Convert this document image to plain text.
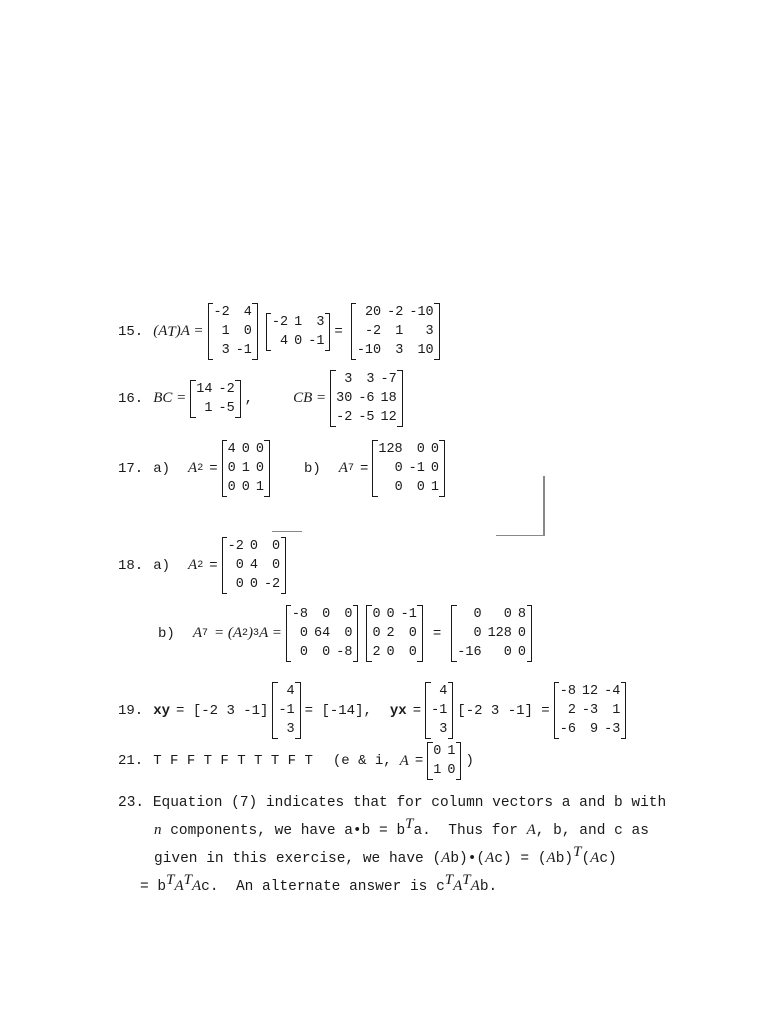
15. (A T )A =
-2	4
1	0
3	-1

-2	1	3
4	0	-1

=
20	-2	-10
-2	1	3
-10	3	10

16. BC =
14	-2
1	-5

,	CB =
3	3	-7
30	-6	18
-2	-5	12

17. a) A 2 =
4	0	0
0	1	0
0	0	1

b) A 7 =
128	0	0
0	-1	0
0	0	1

18. a) A 2 =
-2	0	0
0	4	0
0	0	-2

b) A 7 = (A 2 ) 3 A =
-8	0	0
0	64	0
0	0	-8

0	0	-1
0	2	0
2	0	0

=
0	0	8
0	128	0
-16	0	0

19. xy = [-2 3 -1]
4
-1
3

= [-14], yx =
4
-1
3

[-2 3 -1] =
-8	12	-4
2	-3	1
-6	9	-3

21. T F F T F T T T F T (e & i, A =
0	1
1	0

)
23. Equation (7) indicates that for column vectors a and b with
n components, we have a•b = $b^Ta$.  Thus for A, b, and c as
given in this exercise, we have (Ab)•(Ac) = $(Ab)^T(Ac)$
= $b^TA^TAc$.  An alternate answer is $c^TA^TAb$.
